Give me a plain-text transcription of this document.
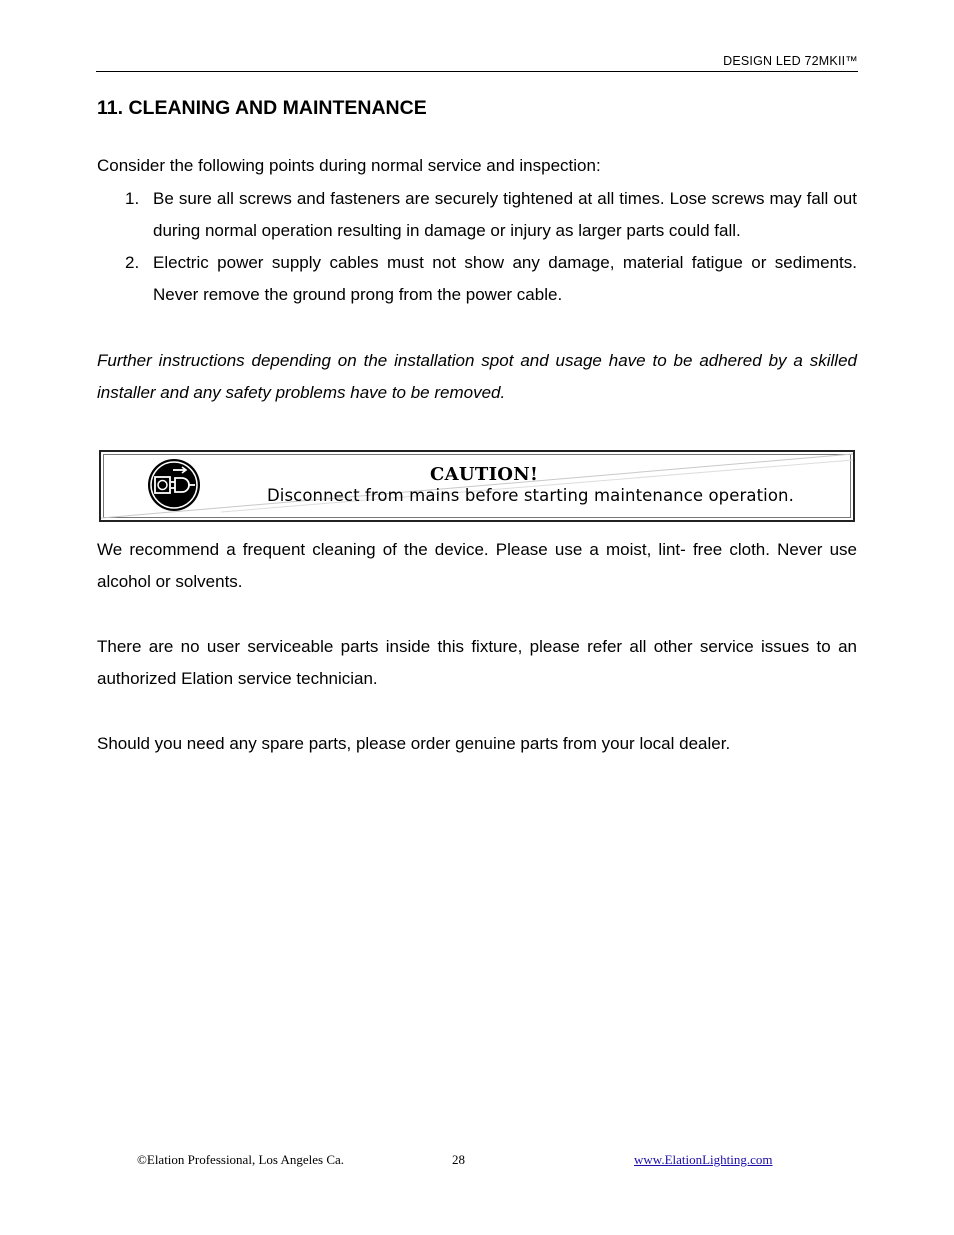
DESIGN LED 72MKII™
11. CLEANING AND MAINTENANCE

Consider the following points during normal service and inspection:

1. Be sure all screws and fasteners are securely tightened at all times. Lose screws may fall out during normal operation resulting in damage or injury as larger parts could fall.
2. Electric power supply cables must not show any damage, material fatigue or sediments. Never remove the ground prong from the power cable.

Further instructions depending on the installation spot and usage have to be adhered by a skilled installer and any safety problems have to be removed.

CAUTION!
Disconnect from mains before starting maintenance operation.

We recommend a frequent cleaning of the device. Please use a moist, lint- free cloth. Never use alcohol or solvents.

There are no user serviceable parts inside this fixture, please refer all other service issues to an authorized Elation service technician.

Should you need any spare parts, please order genuine parts from your local dealer.

©Elation Professional, Los Angeles Ca.	28	www.ElationLighting.com
